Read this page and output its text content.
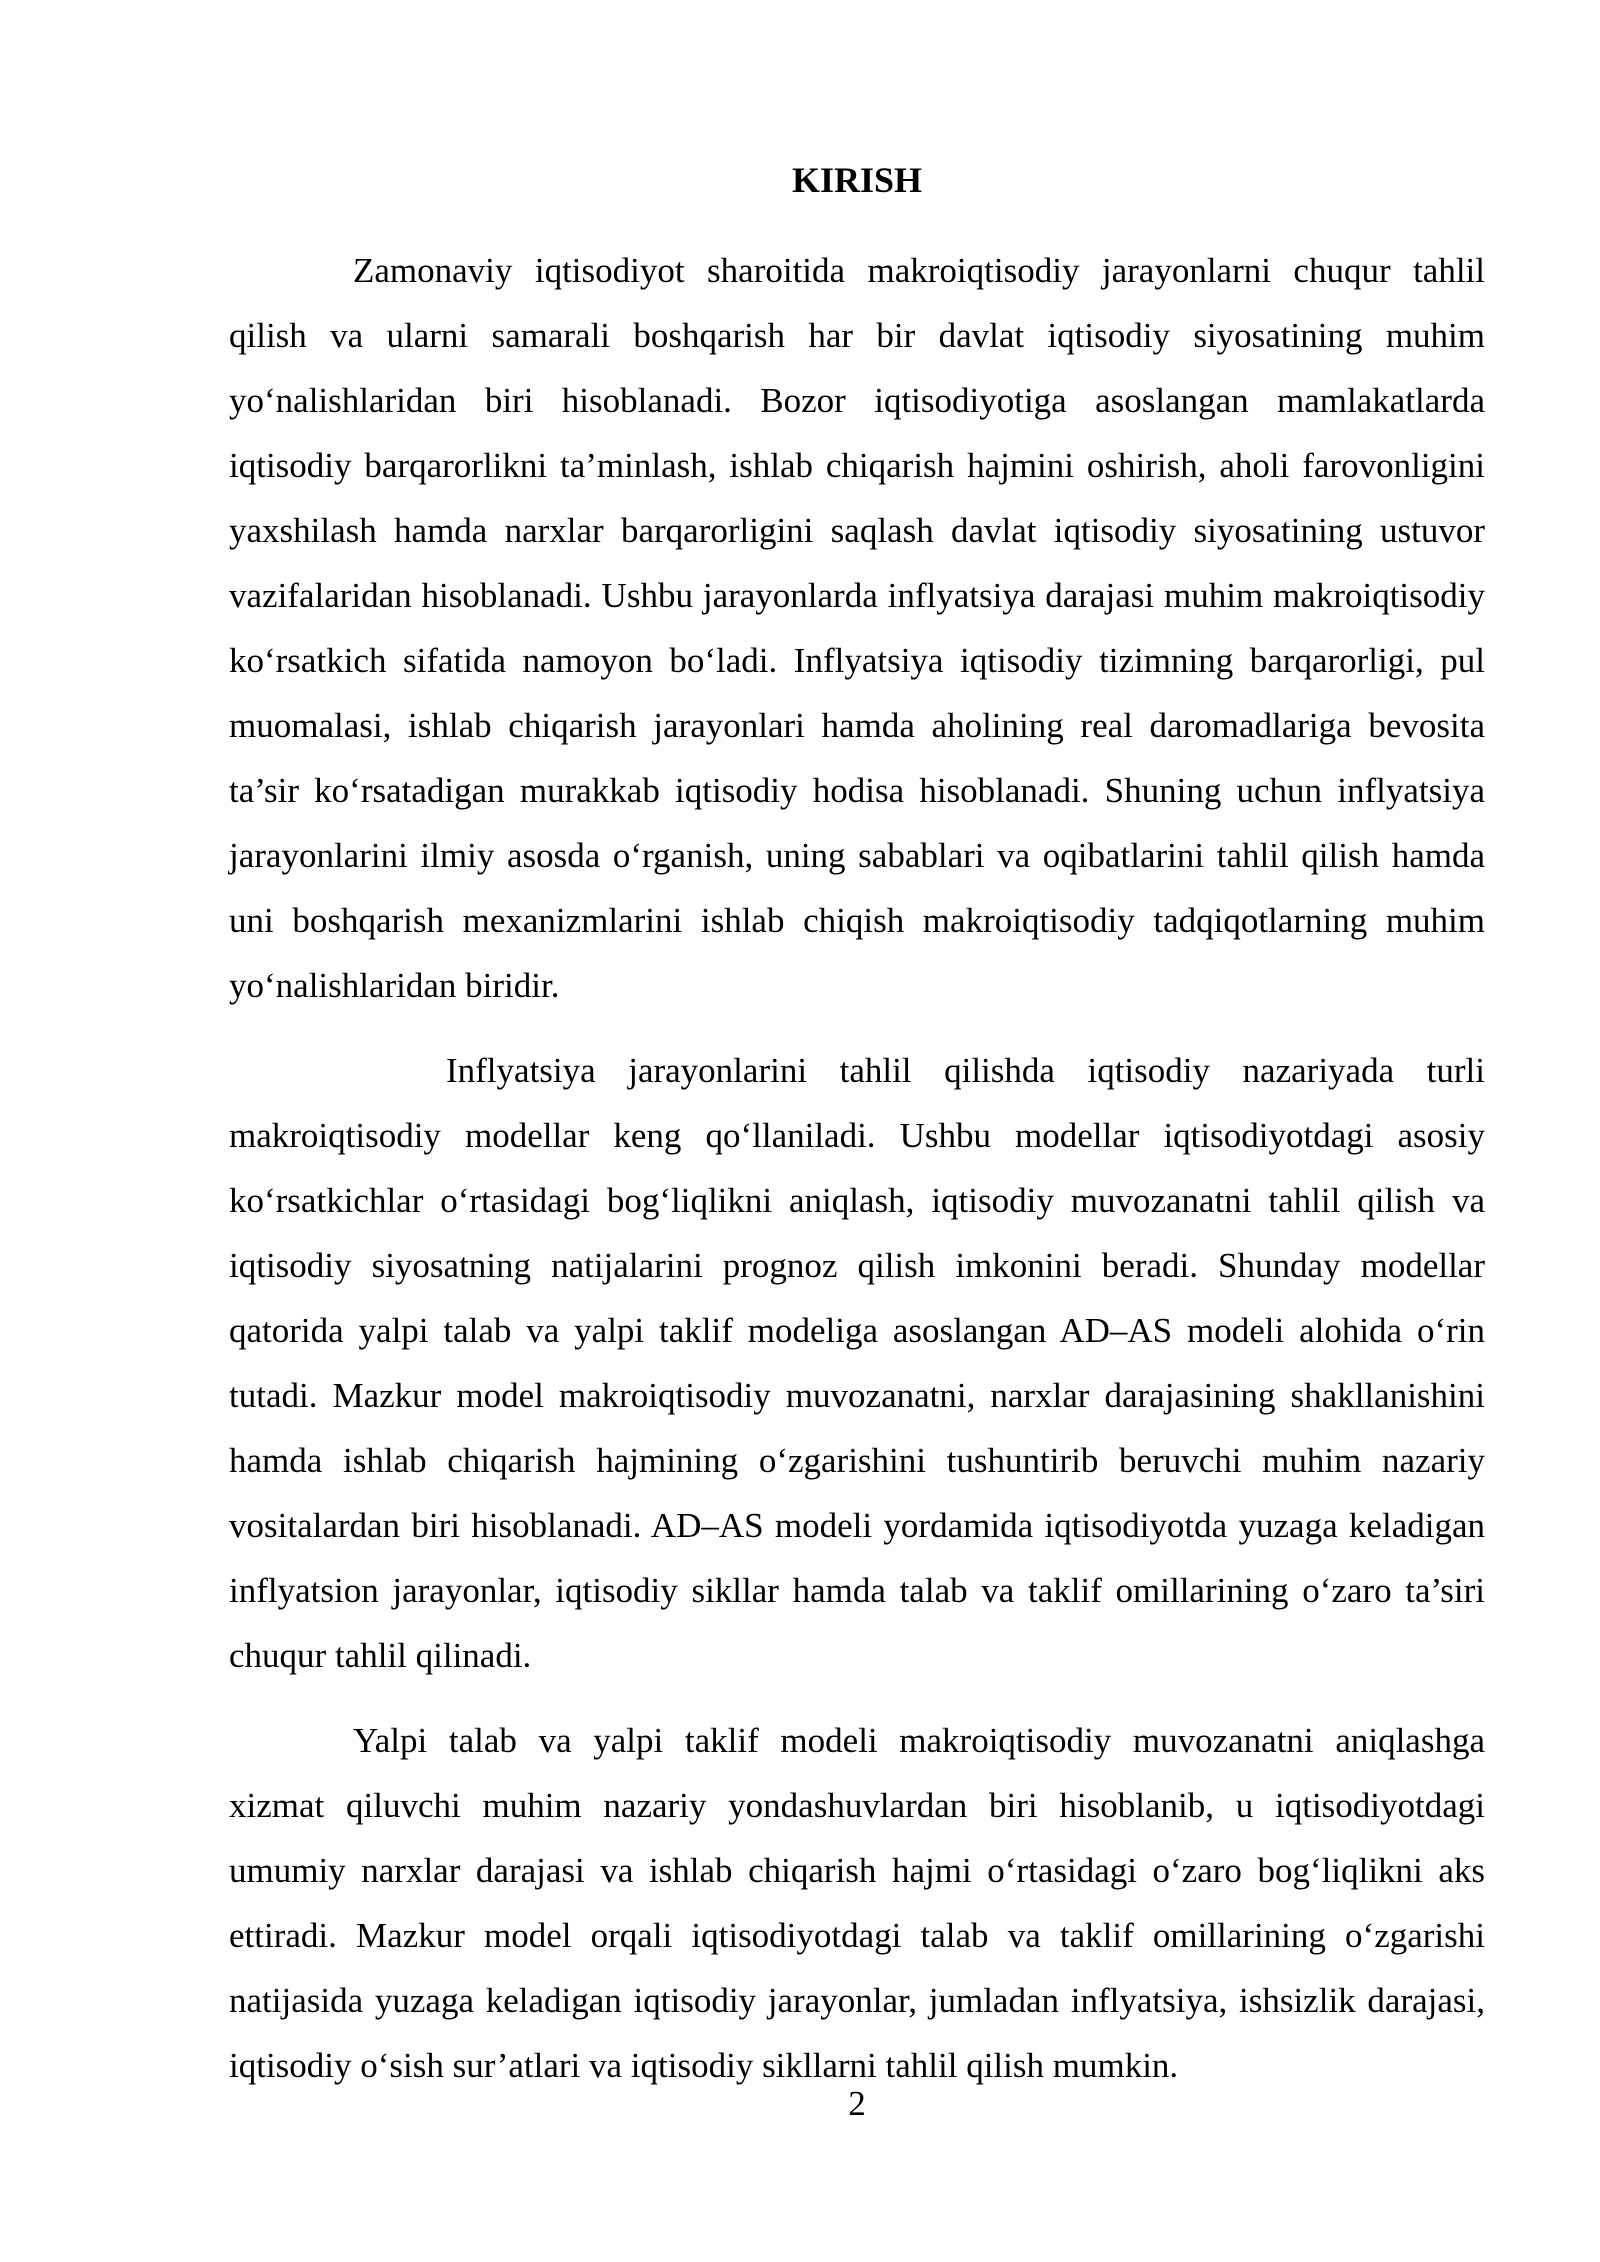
KIRISH

Zamonaviy iqtisodiyot sharoitida makroiqtisodiy jarayonlarni chuqur tahlil qilish va ularni samarali boshqarish har bir davlat iqtisodiy siyosatining muhim yo‘nalishlaridan biri hisoblanadi. Bozor iqtisodiyotiga asoslangan mamlakatlarda iqtisodiy barqarorlikni ta’minlash, ishlab chiqarish hajmini oshirish, aholi farovonligini yaxshilash hamda narxlar barqarorligini saqlash davlat iqtisodiy siyosatining ustuvor vazifalaridan hisoblanadi. Ushbu jarayonlarda inflyatsiya darajasi muhim makroiqtisodiy ko‘rsatkich sifatida namoyon bo‘ladi. Inflyatsiya iqtisodiy tizimning barqarorligi, pul muomalasi, ishlab chiqarish jarayonlari hamda aholining real daromadlariga bevosita ta’sir ko‘rsatadigan murakkab iqtisodiy hodisa hisoblanadi. Shuning uchun inflyatsiya jarayonlarini ilmiy asosda o‘rganish, uning sabablari va oqibatlarini tahlil qilish hamda uni boshqarish mexanizmlarini ishlab chiqish makroiqtisodiy tadqiqotlarning muhim yo‘nalishlaridan biridir.

Inflyatsiya jarayonlarini tahlil qilishda iqtisodiy nazariyada turli makroiqtisodiy modellar keng qo‘llaniladi. Ushbu modellar iqtisodiyotdagi asosiy ko‘rsatkichlar o‘rtasidagi bog‘liqlikni aniqlash, iqtisodiy muvozanatni tahlil qilish va iqtisodiy siyosatning natijalarini prognoz qilish imkonini beradi. Shunday modellar qatorida yalpi talab va yalpi taklif modeliga asoslangan AD–AS modeli alohida o‘rin tutadi. Mazkur model makroiqtisodiy muvozanatni, narxlar darajasining shakllanishini hamda ishlab chiqarish hajmining o‘zgarishini tushuntirib beruvchi muhim nazariy vositalardan biri hisoblanadi. AD–AS modeli yordamida iqtisodiyotda yuzaga keladigan inflyatsion jarayonlar, iqtisodiy sikllar hamda talab va taklif omillarining o‘zaro ta’siri chuqur tahlil qilinadi.

Yalpi talab va yalpi taklif modeli makroiqtisodiy muvozanatni aniqlashga xizmat qiluvchi muhim nazariy yondashuvlardan biri hisoblanib, u iqtisodiyotdagi umumiy narxlar darajasi va ishlab chiqarish hajmi o‘rtasidagi o‘zaro bog‘liqlikni aks ettiradi. Mazkur model orqali iqtisodiyotdagi talab va taklif omillarining o‘zgarishi natijasida yuzaga keladigan iqtisodiy jarayonlar, jumladan inflyatsiya, ishsizlik darajasi, iqtisodiy o‘sish sur’atlari va iqtisodiy sikllarni tahlil qilish mumkin.

2
